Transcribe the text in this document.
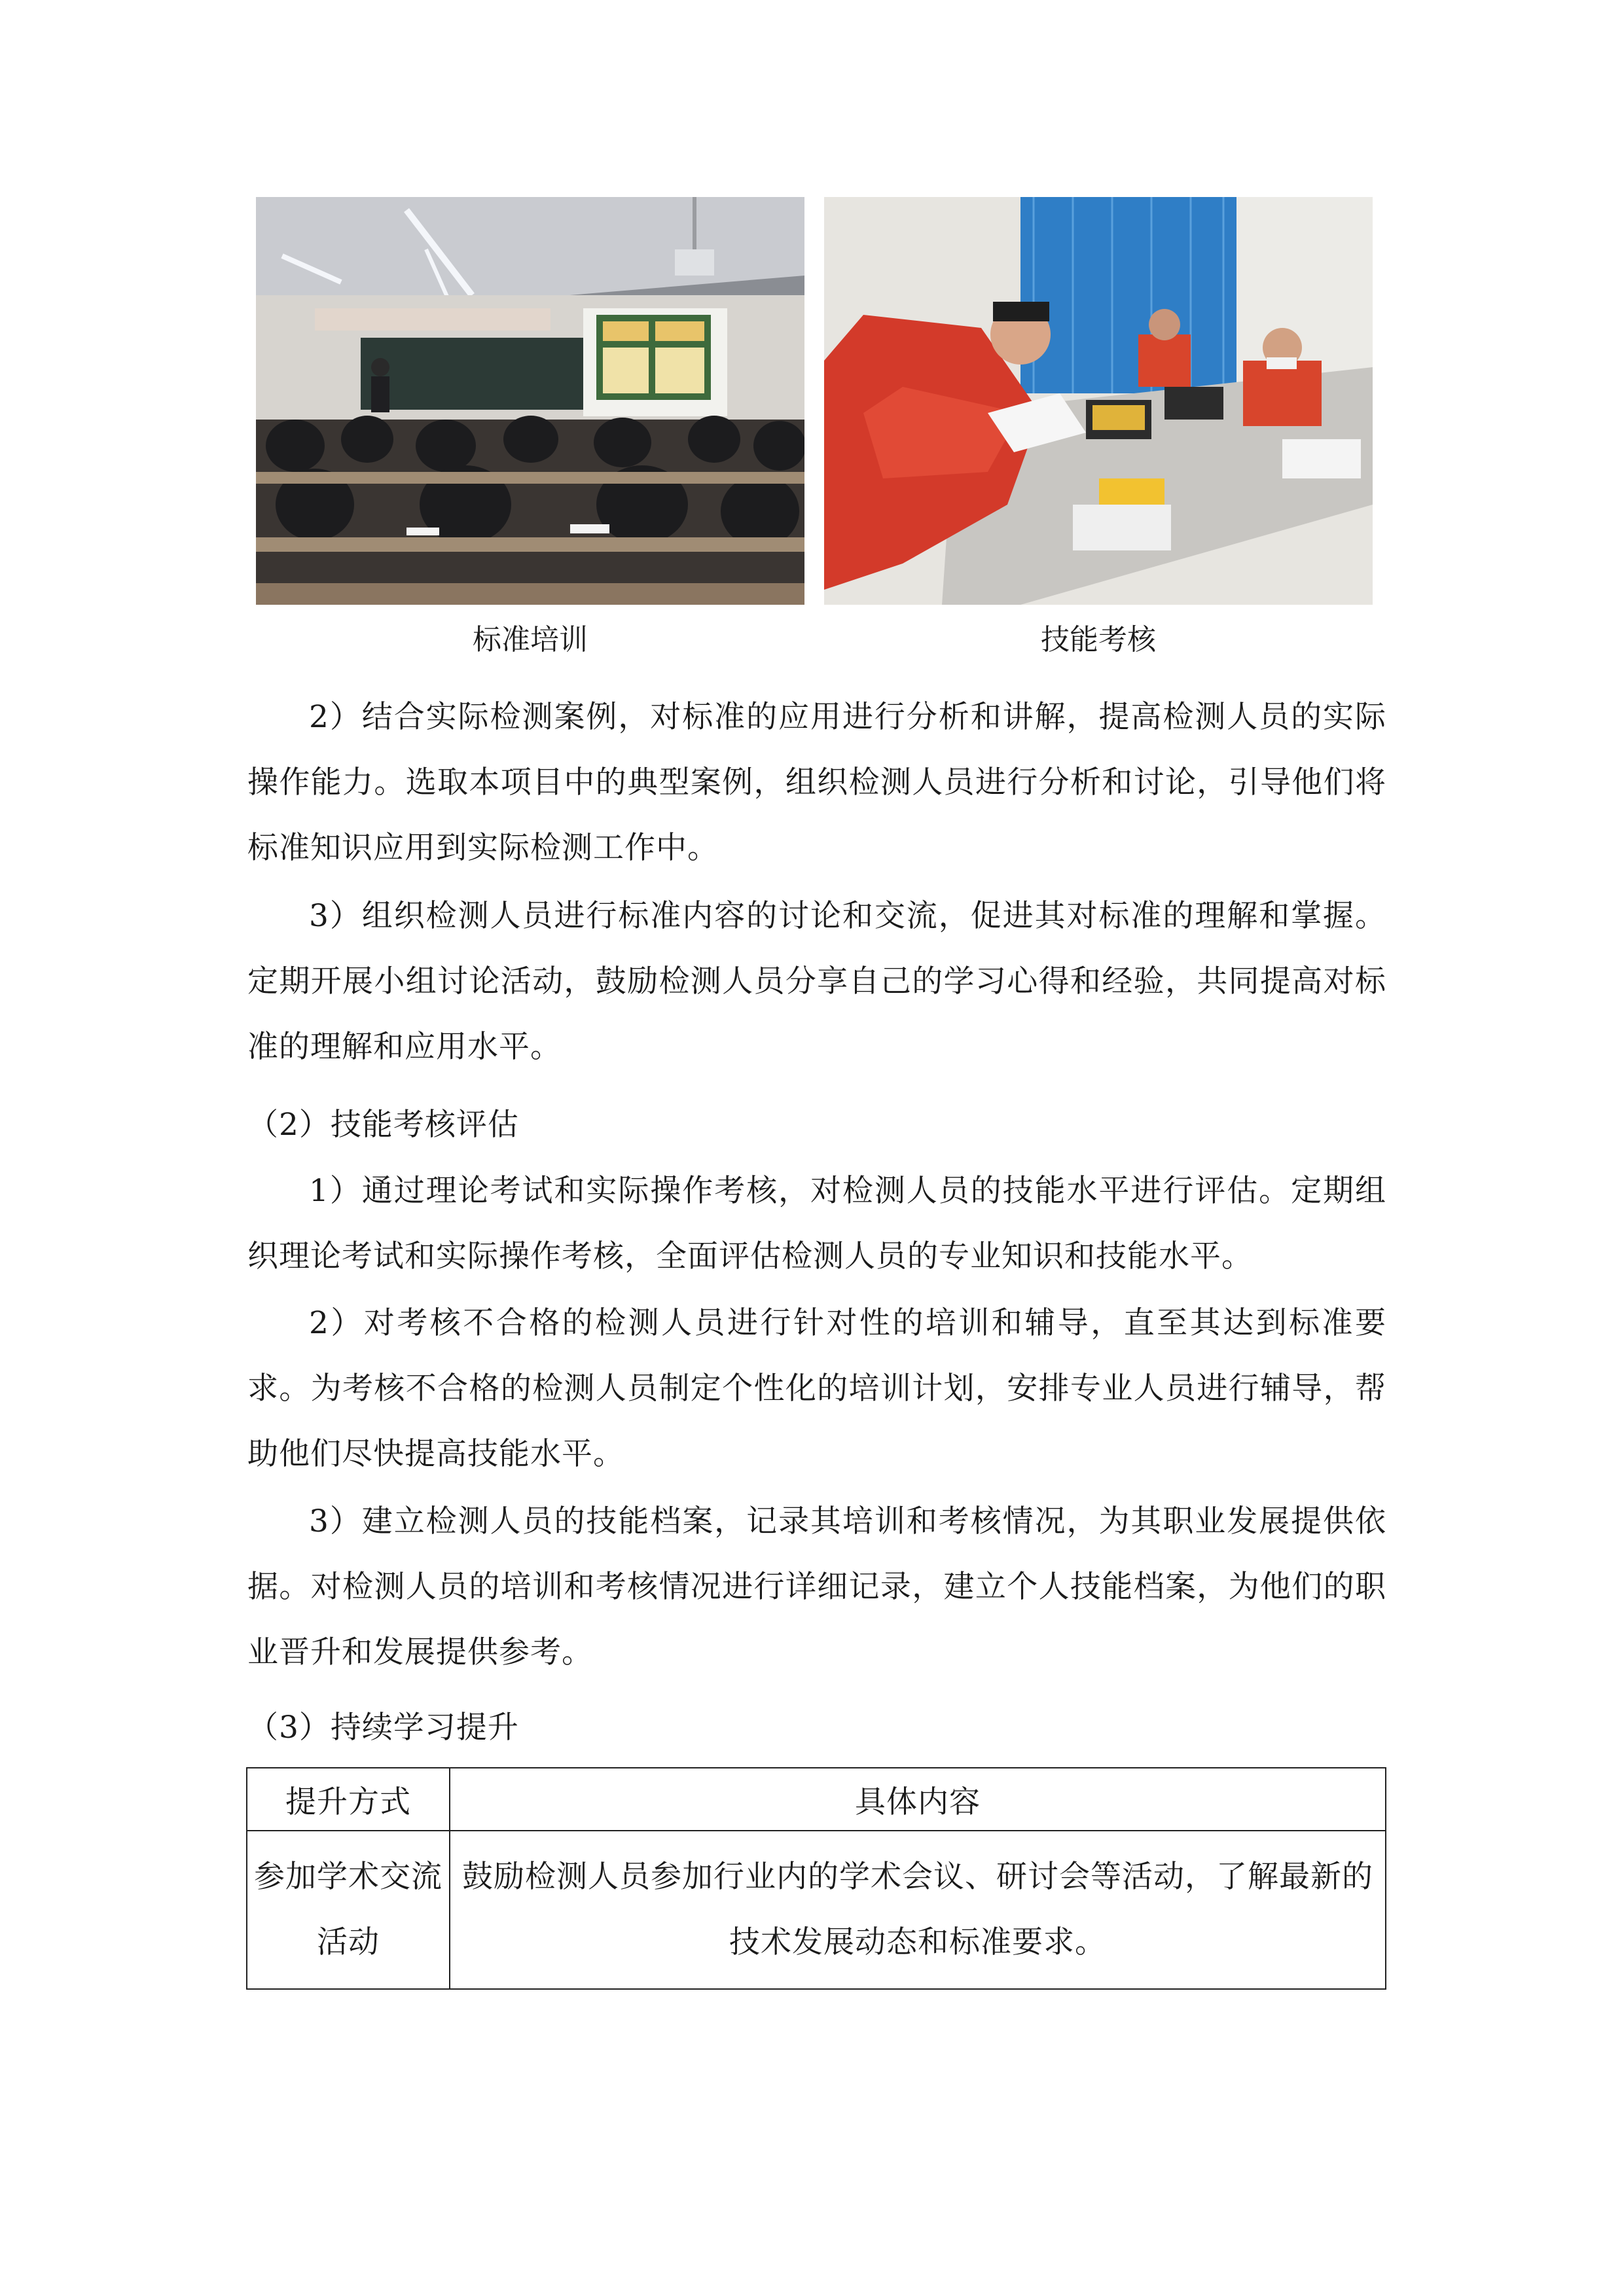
标准培训	技能考核

2）结合实际检测案例，对标准的应用进行分析和讲解，提高检测人员的实际操作能力。选取本项目中的典型案例，组织检测人员进行分析和讨论，引导他们将标准知识应用到实际检测工作中。

3）组织检测人员进行标准内容的讨论和交流，促进其对标准的理解和掌握。定期开展小组讨论活动，鼓励检测人员分享自己的学习心得和经验，共同提高对标准的理解和应用水平。

（2）技能考核评估

1）通过理论考试和实际操作考核，对检测人员的技能水平进行评估。定期组织理论考试和实际操作考核，全面评估检测人员的专业知识和技能水平。

2）对考核不合格的检测人员进行针对性的培训和辅导，直至其达到标准要求。为考核不合格的检测人员制定个性化的培训计划，安排专业人员进行辅导，帮助他们尽快提高技能水平。

3）建立检测人员的技能档案，记录其培训和考核情况，为其职业发展提供依据。对检测人员的培训和考核情况进行详细记录，建立个人技能档案，为他们的职业晋升和发展提供参考。

（3）持续学习提升

提升方式	具体内容
参加学术交流活动	鼓励检测人员参加行业内的学术会议、研讨会等活动，了解最新的技术发展动态和标准要求。
